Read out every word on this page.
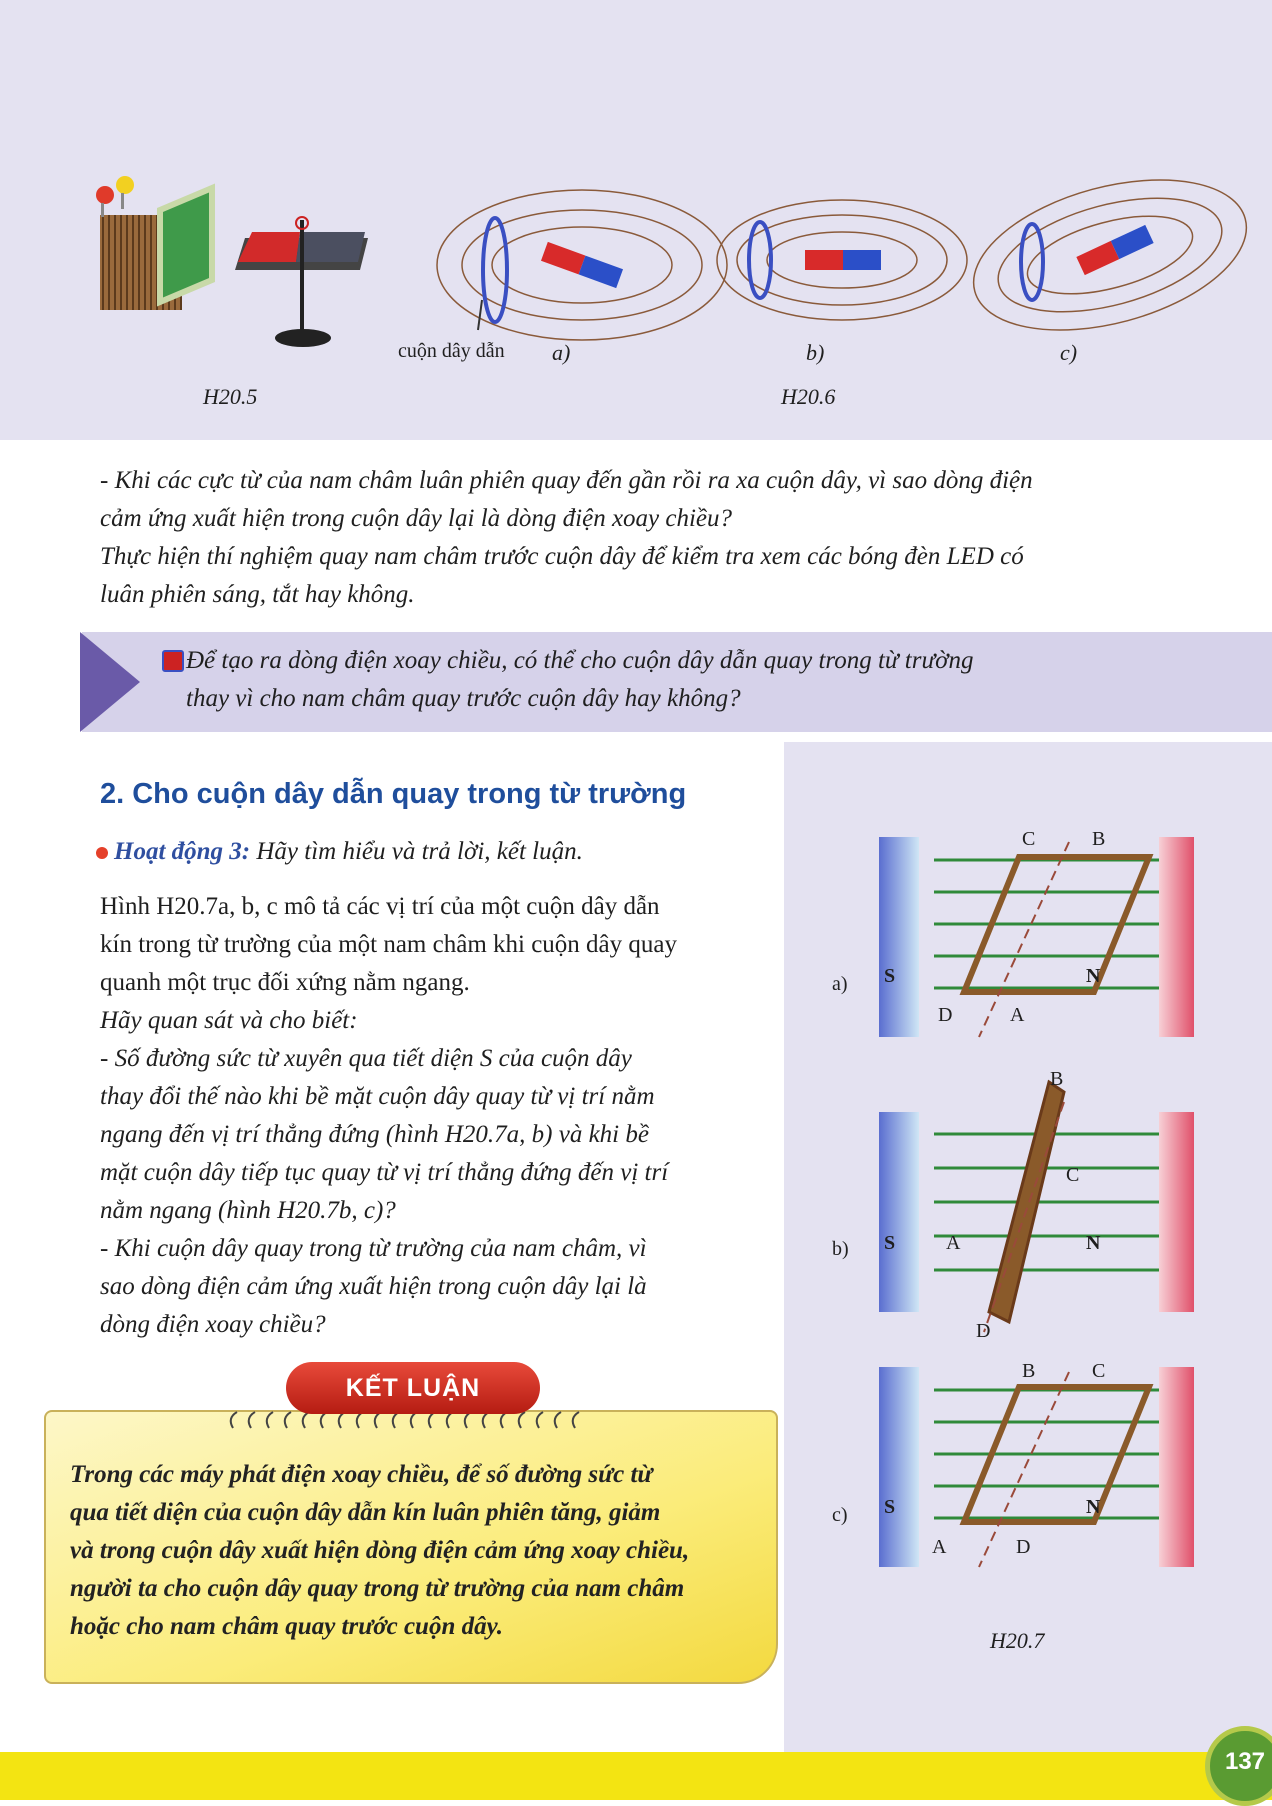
cuộn dây dẫn a)	b)	c)
H20.5	H20.6
- Khi các cực từ của nam châm luân phiên quay đến gần rồi ra xa cuộn dây, vì sao dòng điện
cảm ứng xuất hiện trong cuộn dây lại là dòng điện xoay chiều?
Thực hiện thí nghiệm quay nam châm trước cuộn dây để kiểm tra xem các bóng đèn LED có
luân phiên sáng, tắt hay không.
Để tạo ra dòng điện xoay chiều, có thể cho cuộn dây dẫn quay trong từ trường
thay vì cho nam châm quay trước cuộn dây hay không?
a) S	N
C	B
D	A
b) S	N
B
C
A
D
c) S	N
B	C
A	D
H20.7
2. Cho cuộn dây dẫn quay trong từ trường
Hoạt động 3: Hãy tìm hiểu và trả lời, kết luận.
Hình H20.7a, b, c mô tả các vị trí của một cuộn dây dẫn
kín trong từ trường của một nam châm khi cuộn dây quay
quanh một trục đối xứng nằm ngang.
Hãy quan sát và cho biết:
- Số đường sức từ xuyên qua tiết diện S của cuộn dây
thay đổi thế nào khi bề mặt cuộn dây quay từ vị trí nằm
ngang đến vị trí thẳng đứng (hình H20.7a, b) và khi bề
mặt cuộn dây tiếp tục quay từ vị trí thẳng đứng đến vị trí
nằm ngang (hình H20.7b, c)?
- Khi cuộn dây quay trong từ trường của nam châm, vì
sao dòng điện cảm ứng xuất hiện trong cuộn dây lại là
dòng điện xoay chiều?
KẾT LUẬN
Trong các máy phát điện xoay chiều, để số đường sức từ
qua tiết diện của cuộn dây dẫn kín luân phiên tăng, giảm
và trong cuộn dây xuất hiện dòng điện cảm ứng xoay chiều,
người ta cho cuộn dây quay trong từ trường của nam châm
hoặc cho nam châm quay trước cuộn dây.
137
